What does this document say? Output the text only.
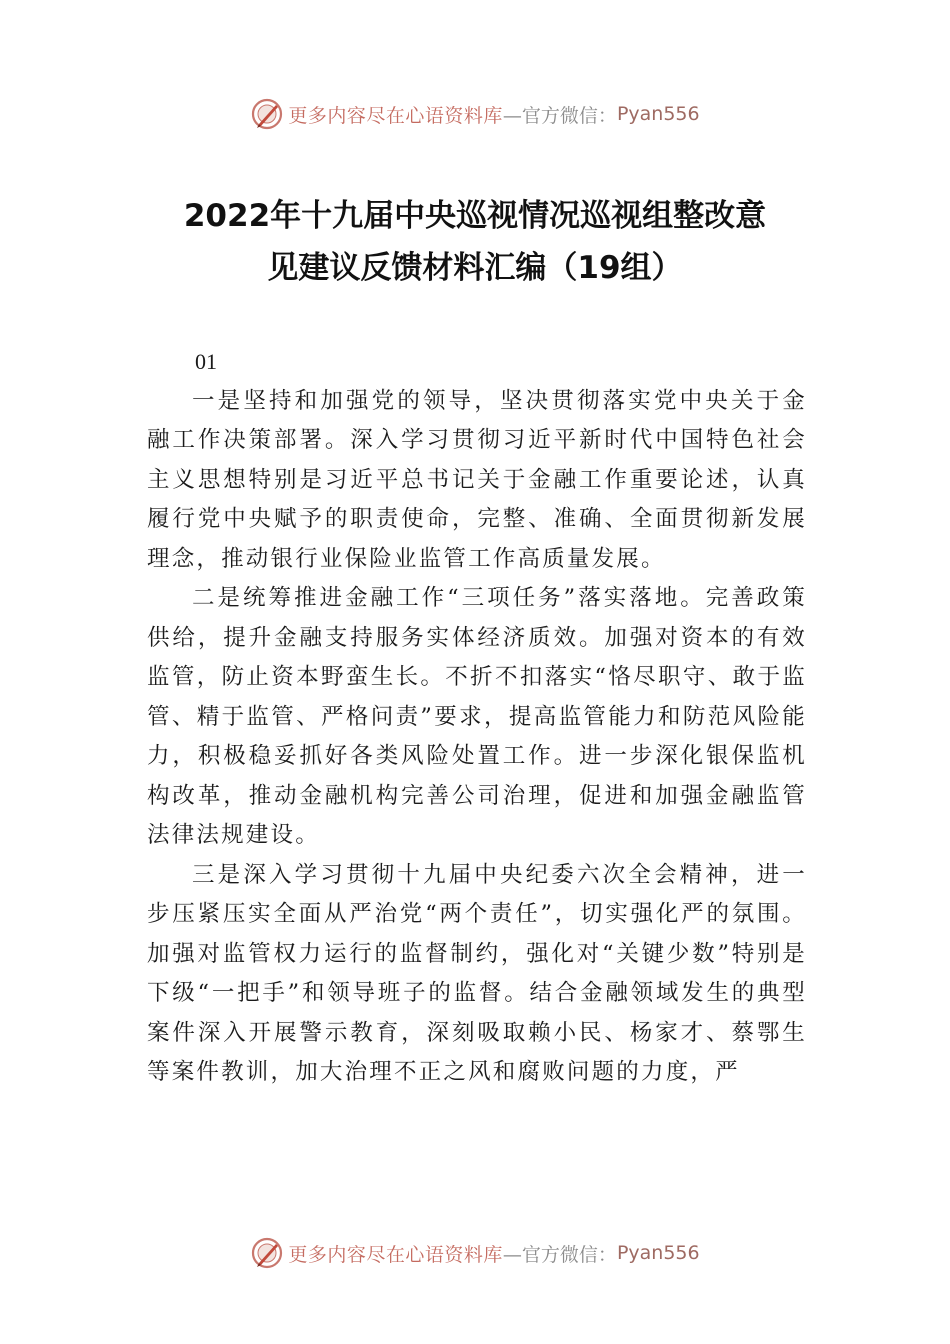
更多内容尽在心语资料库 —官方微信： Pyan556
2022年十九届中央巡视情况巡视组整改意
见建议反馈材料汇编（19组）

01

一是坚持和加强党的领导，坚决贯彻落实党中央关于金融工作决策部署。深入学习贯彻习近平新时代中国特色社会主义思想特别是习近平总书记关于金融工作重要论述，认真履行党中央赋予的职责使命，完整、准确、全面贯彻新发展理念，推动银行业保险业监管工作高质量发展。

二是统筹推进金融工作“三项任务”落实落地。完善政策供给，提升金融支持服务实体经济质效。加强对资本的有效监管，防止资本野蛮生长。不折不扣落实“恪尽职守、敢于监管、精于监管、严格问责”要求，提高监管能力和防范风险能力，积极稳妥抓好各类风险处置工作。进一步深化银保监机构改革，推动金融机构完善公司治理，促进和加强金融监管法律法规建设。

三是深入学习贯彻十九届中央纪委六次全会精神，进一步压紧压实全面从严治党“两个责任”，切实强化严的氛围。加强对监管权力运行的监督制约，强化对“关键少数”特别是下级“一把手”和领导班子的监督。结合金融领域发生的典型案件深入开展警示教育，深刻吸取赖小民、杨家才、蔡鄂生等案件教训，加大治理不正之风和腐败问题的力度，严

更多内容尽在心语资料库 —官方微信： Pyan556
